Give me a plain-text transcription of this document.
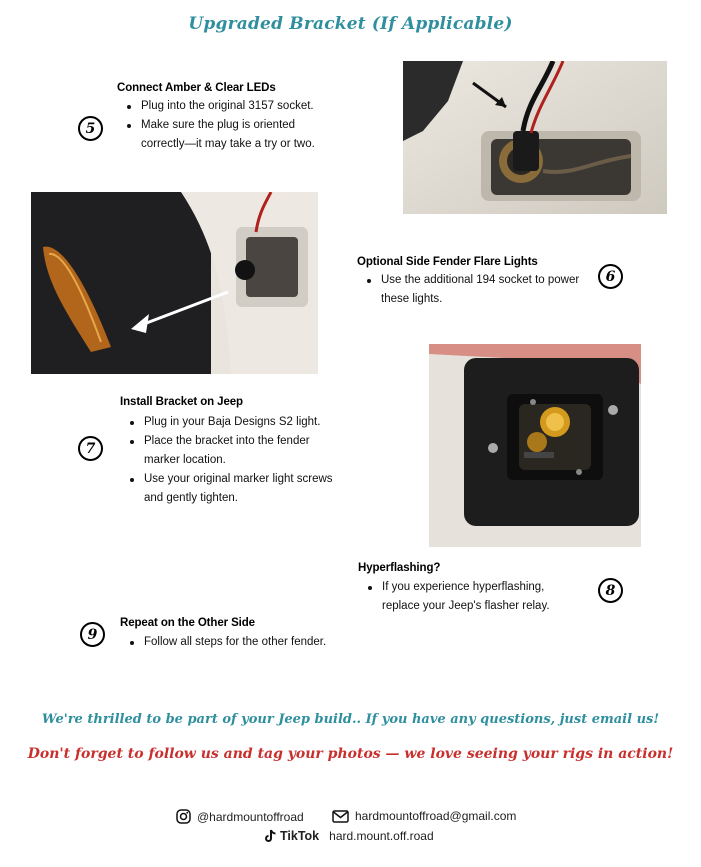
Upgraded Bracket (If Applicable)
5
Connect Amber & Clear LEDs
Plug into the original 3157 socket.
Make sure the plug is oriented
correctly—it may take a try or two.
Optional Side Fender Flare Lights
Use the additional 194 socket to power
these lights.
6
Install Bracket on Jeep
Plug in your Baja Designs S2 light.
Place the bracket into the fender
marker location.
Use your original marker light screws
and gently tighten.
7
Hyperflashing?
If you experience hyperflashing,
replace your Jeep's flasher relay.
8
9
Repeat on the Other Side
Follow all steps for the other fender.
We're thrilled to be part of your Jeep build.. If you have any questions, just email us!
Don't forget to follow us and tag your photos — we love seeing your rigs in action!
@hardmountoffroad	hardmountoffroad@gmail.com
TikTok hard.mount.off.road
